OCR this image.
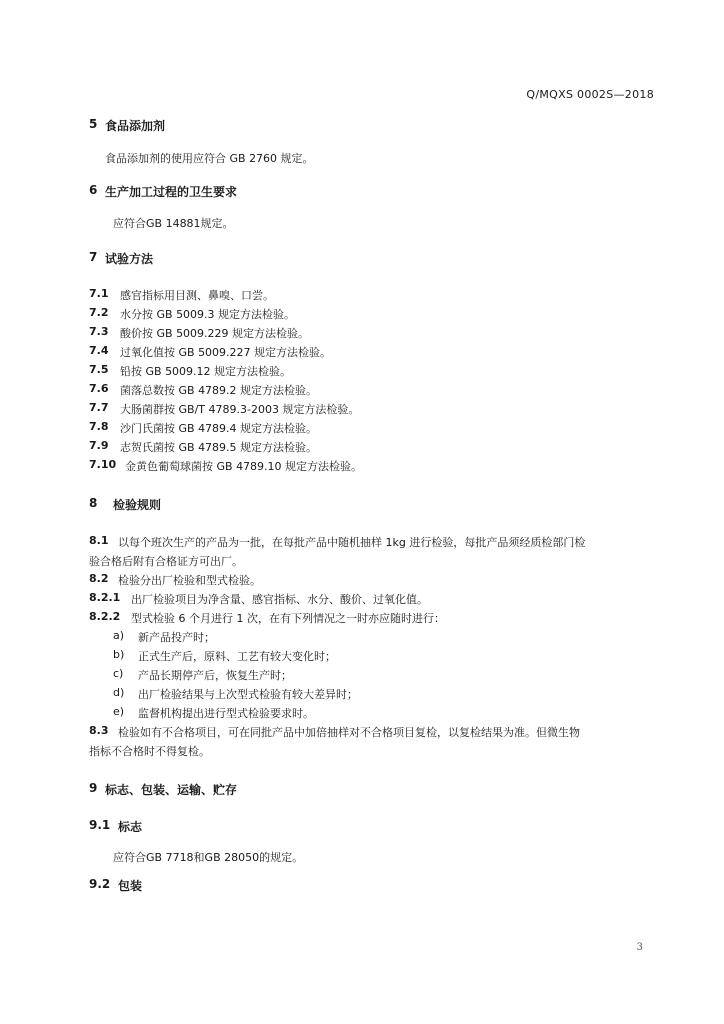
Q/MQXS 0002S—2018
5 食品添加剂
食品添加剂的使用应符合 GB 2760 规定。
6 生产加工过程的卫生要求
应符合GB 14881规定。
7 试验方法
7.1 感官指标用目测、鼻嗅、口尝。
7.2 水分按 GB 5009.3 规定方法检验。
7.3 酸价按 GB 5009.229 规定方法检验。
7.4 过氧化值按 GB 5009.227 规定方法检验。
7.5 铅按 GB 5009.12 规定方法检验。
7.6 菌落总数按 GB 4789.2 规定方法检验。
7.7 大肠菌群按 GB/T 4789.3-2003 规定方法检验。
7.8 沙门氏菌按 GB 4789.4 规定方法检验。
7.9 志贺氏菌按 GB 4789.5 规定方法检验。
7.10 金黄色葡萄球菌按 GB 4789.10 规定方法检验。
8 检验规则
8.1 以每个班次生产的产品为一批，在每批产品中随机抽样 1kg 进行检验，每批产品须经质检部门检
验合格后附有合格证方可出厂。
8.2 检验分出厂检验和型式检验。
8.2.1 出厂检验项目为净含量、感官指标、水分、酸价、过氧化值。
8.2.2 型式检验 6 个月进行 1 次，在有下列情况之一时亦应随时进行：
a) 新产品投产时；
b) 正式生产后，原料、工艺有较大变化时；
c) 产品长期停产后，恢复生产时；
d) 出厂检验结果与上次型式检验有较大差异时；
e) 监督机构提出进行型式检验要求时。
8.3 检验如有不合格项目，可在同批产品中加倍抽样对不合格项目复检，以复检结果为准。但微生物
指标不合格时不得复检。
9 标志、包装、运输、贮存
9.1 标志
应符合GB 7718和GB 28050的规定。
9.2 包装
3
